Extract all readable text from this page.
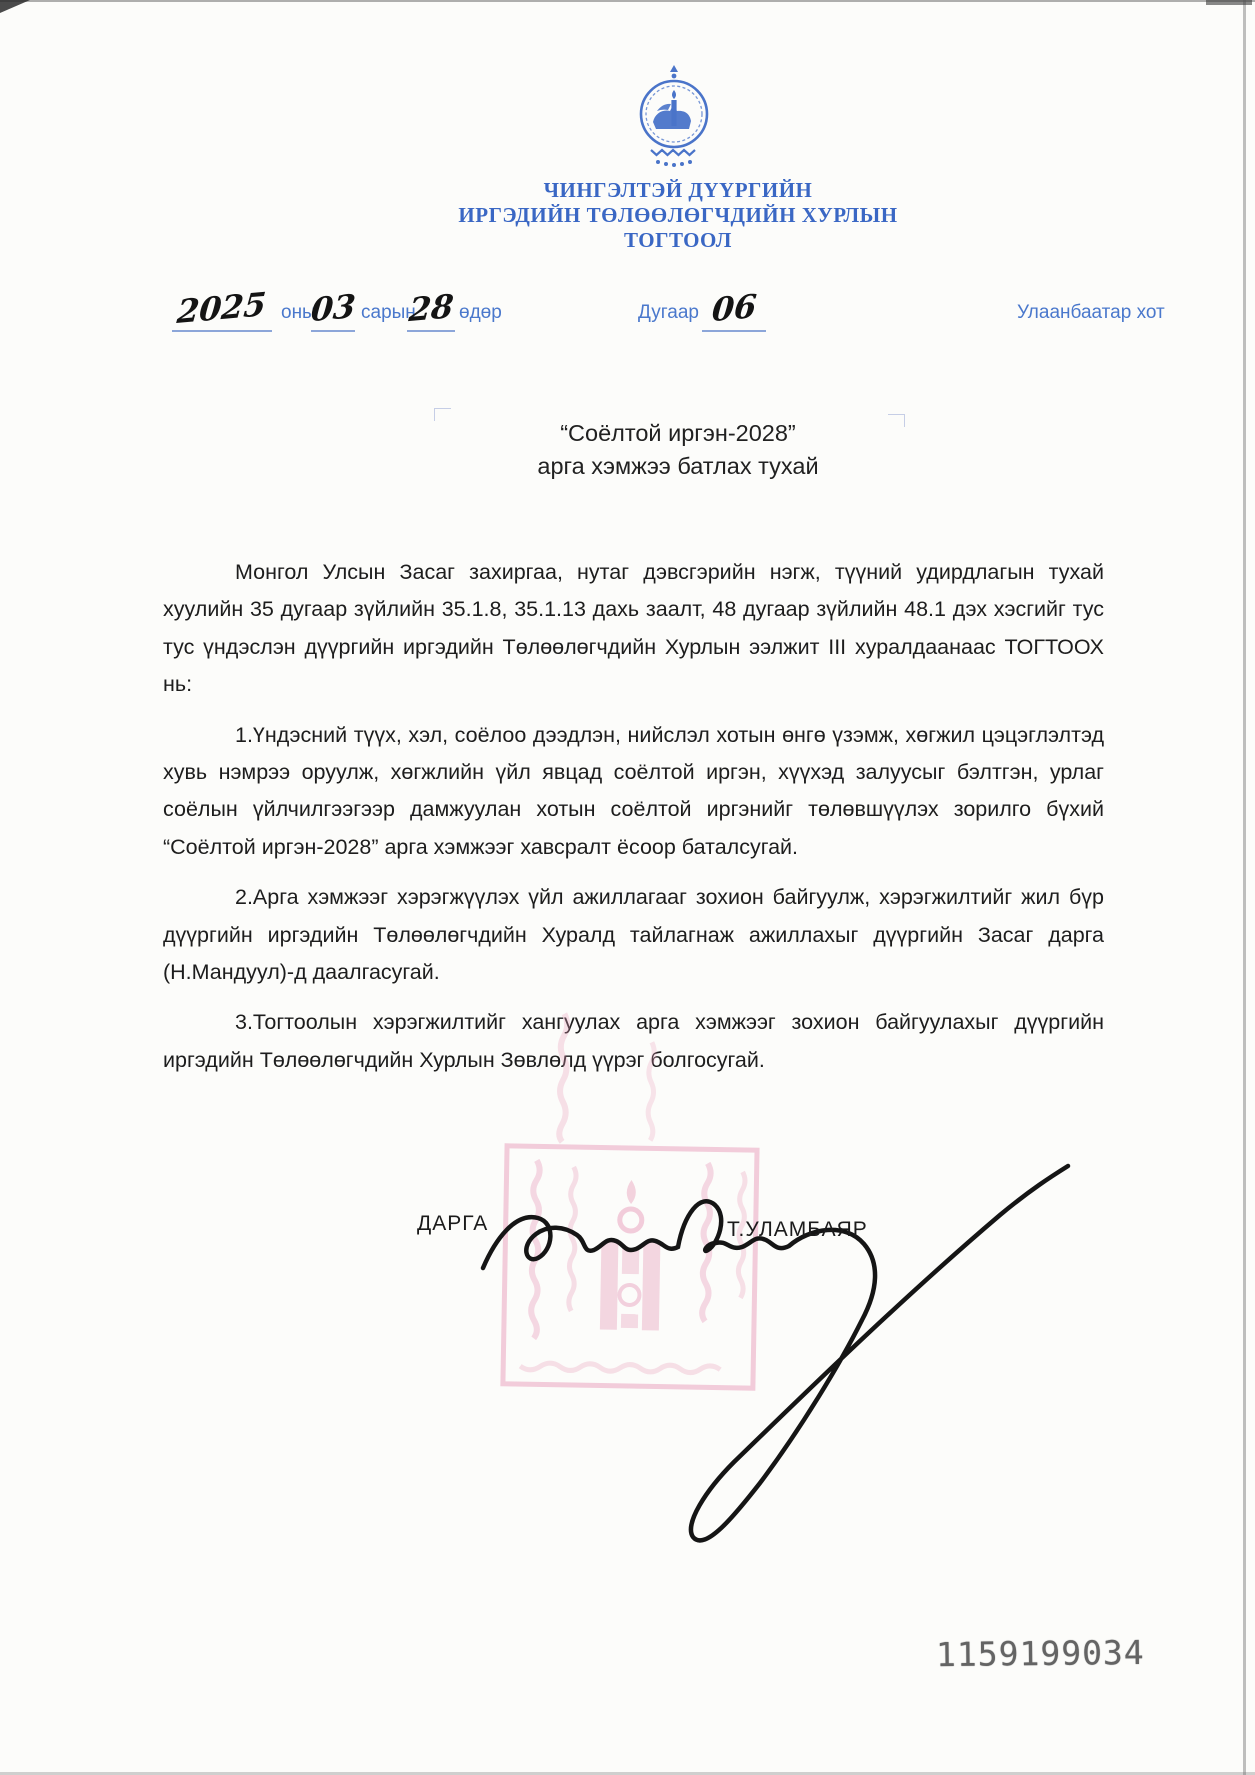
ЧИНГЭЛТЭЙ ДҮҮРГИЙН
ИРГЭДИЙН ТӨЛӨӨЛӨГЧДИЙН ХУРЛЫН
ТОГТООЛ
2025 оны
03 сарын
28 өдөр	Дугаар 06	Улаанбаатар хот
“Соёлтой иргэн-2028”
арга хэмжээ батлах тухай

Монгол Улсын Засаг захиргаа, нутаг дэвсгэрийн нэгж, түүний удирдлагын тухай хуулийн 35 дугаар зүйлийн 35.1.8, 35.1.13 дахь заалт, 48 дугаар зүйлийн 48.1 дэх хэсгийг тус тус үндэслэн дүүргийн иргэдийн Төлөөлөгчдийн Хурлын ээлжит III хуралдаанаас ТОГТООХ нь:

1.Үндэсний түүх, хэл, соёлоо дээдлэн, нийслэл хотын өнгө үзэмж, хөгжил цэцэглэлтэд хувь нэмрээ оруулж, хөгжлийн үйл явцад соёлтой иргэн, хүүхэд залуусыг бэлтгэн, урлаг соёлын үйлчилгээгээр дамжуулан хотын соёлтой иргэнийг төлөвшүүлэх зорилго бүхий “Соёлтой иргэн-2028” арга хэмжээг хавсралт ёсоор баталсугай.

2.Арга хэмжээг хэрэгжүүлэх үйл ажиллагааг зохион байгуулж, хэрэгжилтийг жил бүр дүүргийн иргэдийн Төлөөлөгчдийн Хуралд тайлагнаж ажиллахыг дүүргийн Засаг дарга (Н.Мандуул)-д даалгасугай.

3.Тогтоолын хэрэгжилтийг хангуулах арга хэмжээг зохион байгуулахыг дүүргийн иргэдийн Төлөөлөгчдийн Хурлын Зөвлөлд үүрэг болгосугай.

ДАРГА	Т.УЛАМБАЯР
1159199034
